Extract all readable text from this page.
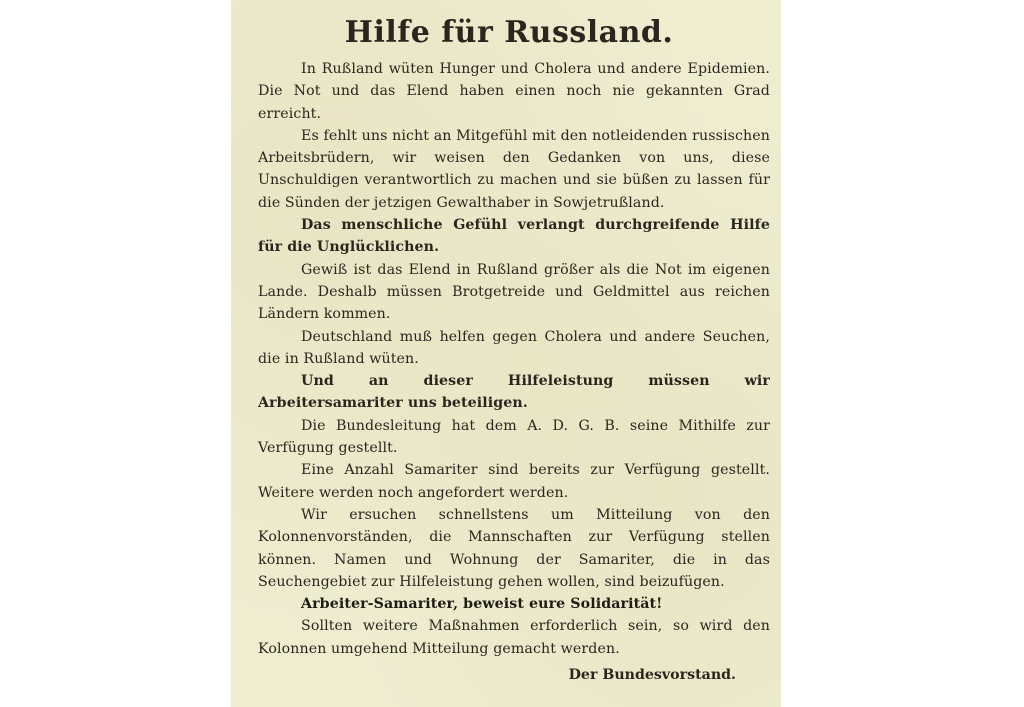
Hilfe für Russland.

In Rußland wüten Hunger und Cholera und andere Epidemien. Die Not und das Elend haben einen noch nie gekannten Grad erreicht.

Es fehlt uns nicht an Mitgefühl mit den notleidenden russischen Arbeitsbrüdern, wir weisen den Gedanken von uns, diese Unschuldigen verantwortlich zu machen und sie büßen zu lassen für die Sünden der jetzigen Gewalthaber in Sowjetrußland.

Das menschliche Gefühl verlangt durchgreifende Hilfe für die Unglücklichen.

Gewiß ist das Elend in Rußland größer als die Not im eigenen Lande. Deshalb müssen Brotgetreide und Geldmittel aus reichen Ländern kommen.

Deutschland muß helfen gegen Cholera und andere Seuchen, die in Rußland wüten.

Und an dieser Hilfeleistung müssen wir Arbeitersamariter uns beteiligen.

Die Bundesleitung hat dem A. D. G. B. seine Mithilfe zur Verfügung gestellt.

Eine Anzahl Samariter sind bereits zur Verfügung gestellt. Weitere werden noch angefordert werden.

Wir ersuchen schnellstens um Mitteilung von den Kolonnenvorständen, die Mannschaften zur Verfügung stellen können. Namen und Wohnung der Samariter, die in das Seuchengebiet zur Hilfeleistung gehen wollen, sind beizufügen.

Arbeiter-Samariter, beweist eure Solidarität!

Sollten weitere Maßnahmen erforderlich sein, so wird den Kolonnen umgehend Mitteilung gemacht werden.

Der Bundesvorstand.
